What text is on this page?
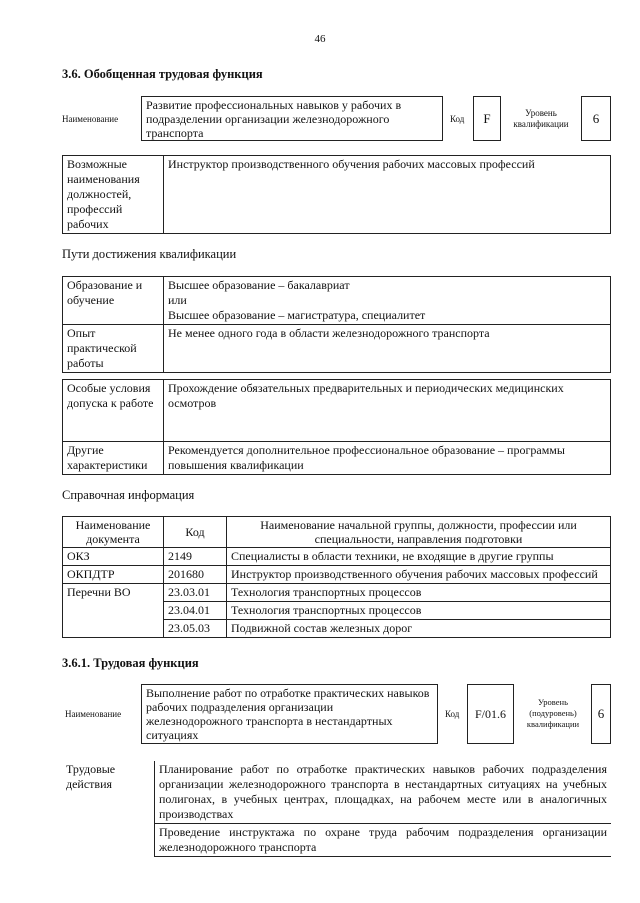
46
3.6. Обобщенная трудовая функция
Наименование
Развитие профессиональных навыков у рабочих в подразделении организации железнодорожного транспорта
Код	F	Уровень квалификации	6
Возможные наименования должностей, профессий рабочих	Инструктор производственного обучения рабочих массовых профессий
Пути достижения квалификации
Образование и обучение	Высшее образование – бакалавриат
или
Высшее образование – магистратура, специалитет

Опыт практической работы	Не менее одного года в области железнодорожного транспорта
Особые условия допуска к работе	Прохождение обязательных предварительных и периодических медицинских осмотров
Другие характеристики	Рекомендуется дополнительное профессиональное образование – программы повышения квалификации
Справочная информация
Наименование документа	Код	Наименование начальной группы, должности, профессии или специальности, направления подготовки
ОКЗ	2149	Специалисты в области техники, не входящие в другие группы
ОКПДТР	201680	Инструктор производственного обучения рабочих массовых профессий
Перечни ВО	23.03.01	Технология транспортных процессов
	23.04.01	Технология транспортных процессов
	23.05.03	Подвижной состав железных дорог
3.6.1. Трудовая функция
Наименование
Выполнение работ по отработке практических навыков рабочих подразделения организации железнодорожного транспорта в нестандартных ситуациях
Код	F/01.6
Уровень (подуровень) квалификации
6
Трудовые действия
Планирование работ по отработке практических навыков рабочих подразделения организации железнодорожного транспорта в нестандартных ситуациях на учебных полигонах, в учебных центрах, площадках, на рабочем месте или в аналогичных производствах
Проведение инструктажа по охране труда рабочим подразделения организации железнодорожного транспорта
